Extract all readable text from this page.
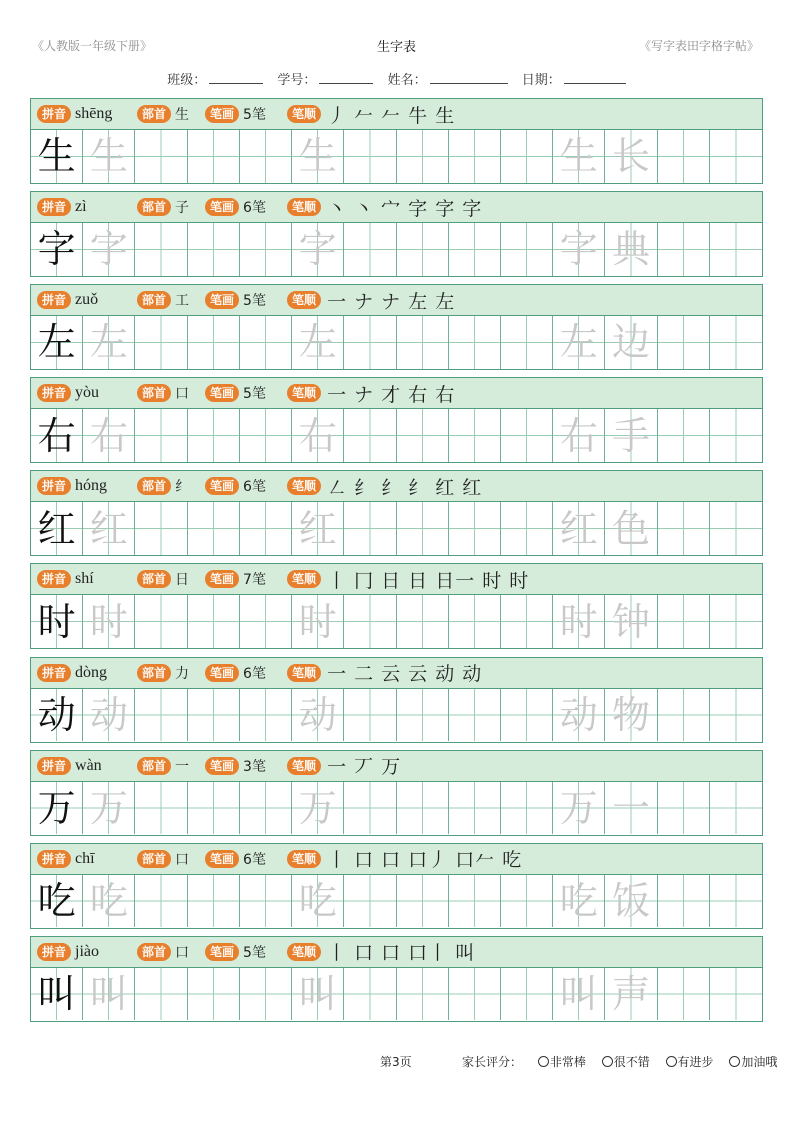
《人教版一年级下册》	生字表	《写字表田字格字帖》
班级：	学号：	姓名：	日期：
拼音 shēng	部首 生	笔画 5笔	笔顺 丿 𠂉 𠂉 牛 生
生 生	生	生 长
拼音 zì	部首 子	笔画 6笔	笔顺 丶 丶 宀 字 字 字
字 字	字	字 典
拼音 zuǒ	部首 工	笔画 5笔	笔顺 一 ナ ナ 左 左
左 左	左	左 边
拼音 yòu	部首 口	笔画 5笔	笔顺 一 ナ 才 右 右
右 右	右	右 手
拼音 hóng	部首 纟	笔画 6笔	笔顺 ㇜ 纟 纟 纟 红 红
红 红	红	红 色
拼音 shí	部首 日	笔画 7笔	笔顺 丨 冂 日 日 日一 时 时
时 时	时	时 钟
拼音 dòng	部首 力	笔画 6笔	笔顺 一 二 云 云 动 动
动 动	动	动 物
拼音 wàn	部首 一	笔画 3笔	笔顺 一 丆 万
万 万	万	万 一
拼音 chī	部首 口	笔画 6笔	笔顺 丨 口 口 口丿 口𠂉 吃
吃 吃	吃	吃 饭
拼音 jiào	部首 口	笔画 5笔	笔顺 丨 口 口 口丨 叫
叫 叫	叫	叫 声
第3页	家长评分： 非常棒 很不错 有进步 加油哦
